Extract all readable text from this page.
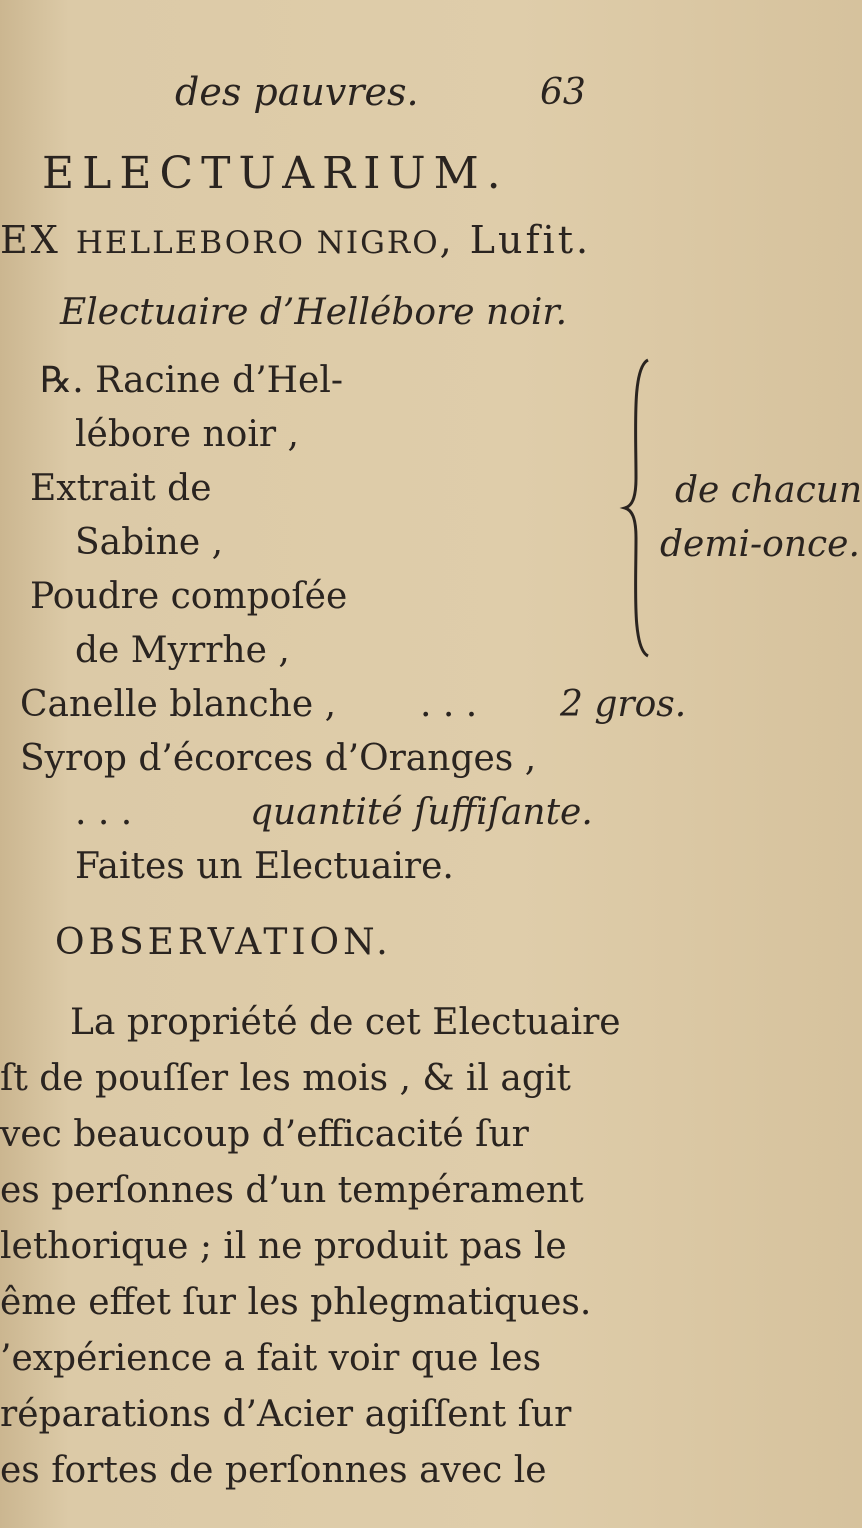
des pauvres.	63
ELECTUARIUM.
EX HELLEBORO NIGRO, Lufit.
Electuaire d’Hellébore noir.
℞. Racine d’Hel-
lébore noir ,
Extrait de
Sabine ,
Poudre compoſée
de Myrrhe ,
de chacun
demi-once.
Canelle blanche , . . . 2 gros.
Syrop d’écorces d’Oranges ,
. . .	quantité ſuffiſante.
Faites un Electuaire.
OBSERVATION.
La propriété de cet Electuaire
ſt de pouſſer les mois , & il agit
vec beaucoup d’efficacité ſur
es perſonnes d’un tempérament
lethorique ; il ne produit pas le
ême effet ſur les phlegmatiques.
’expérience a fait voir que les
réparations d’Acier agiſſent ſur
es fortes de perſonnes avec le
